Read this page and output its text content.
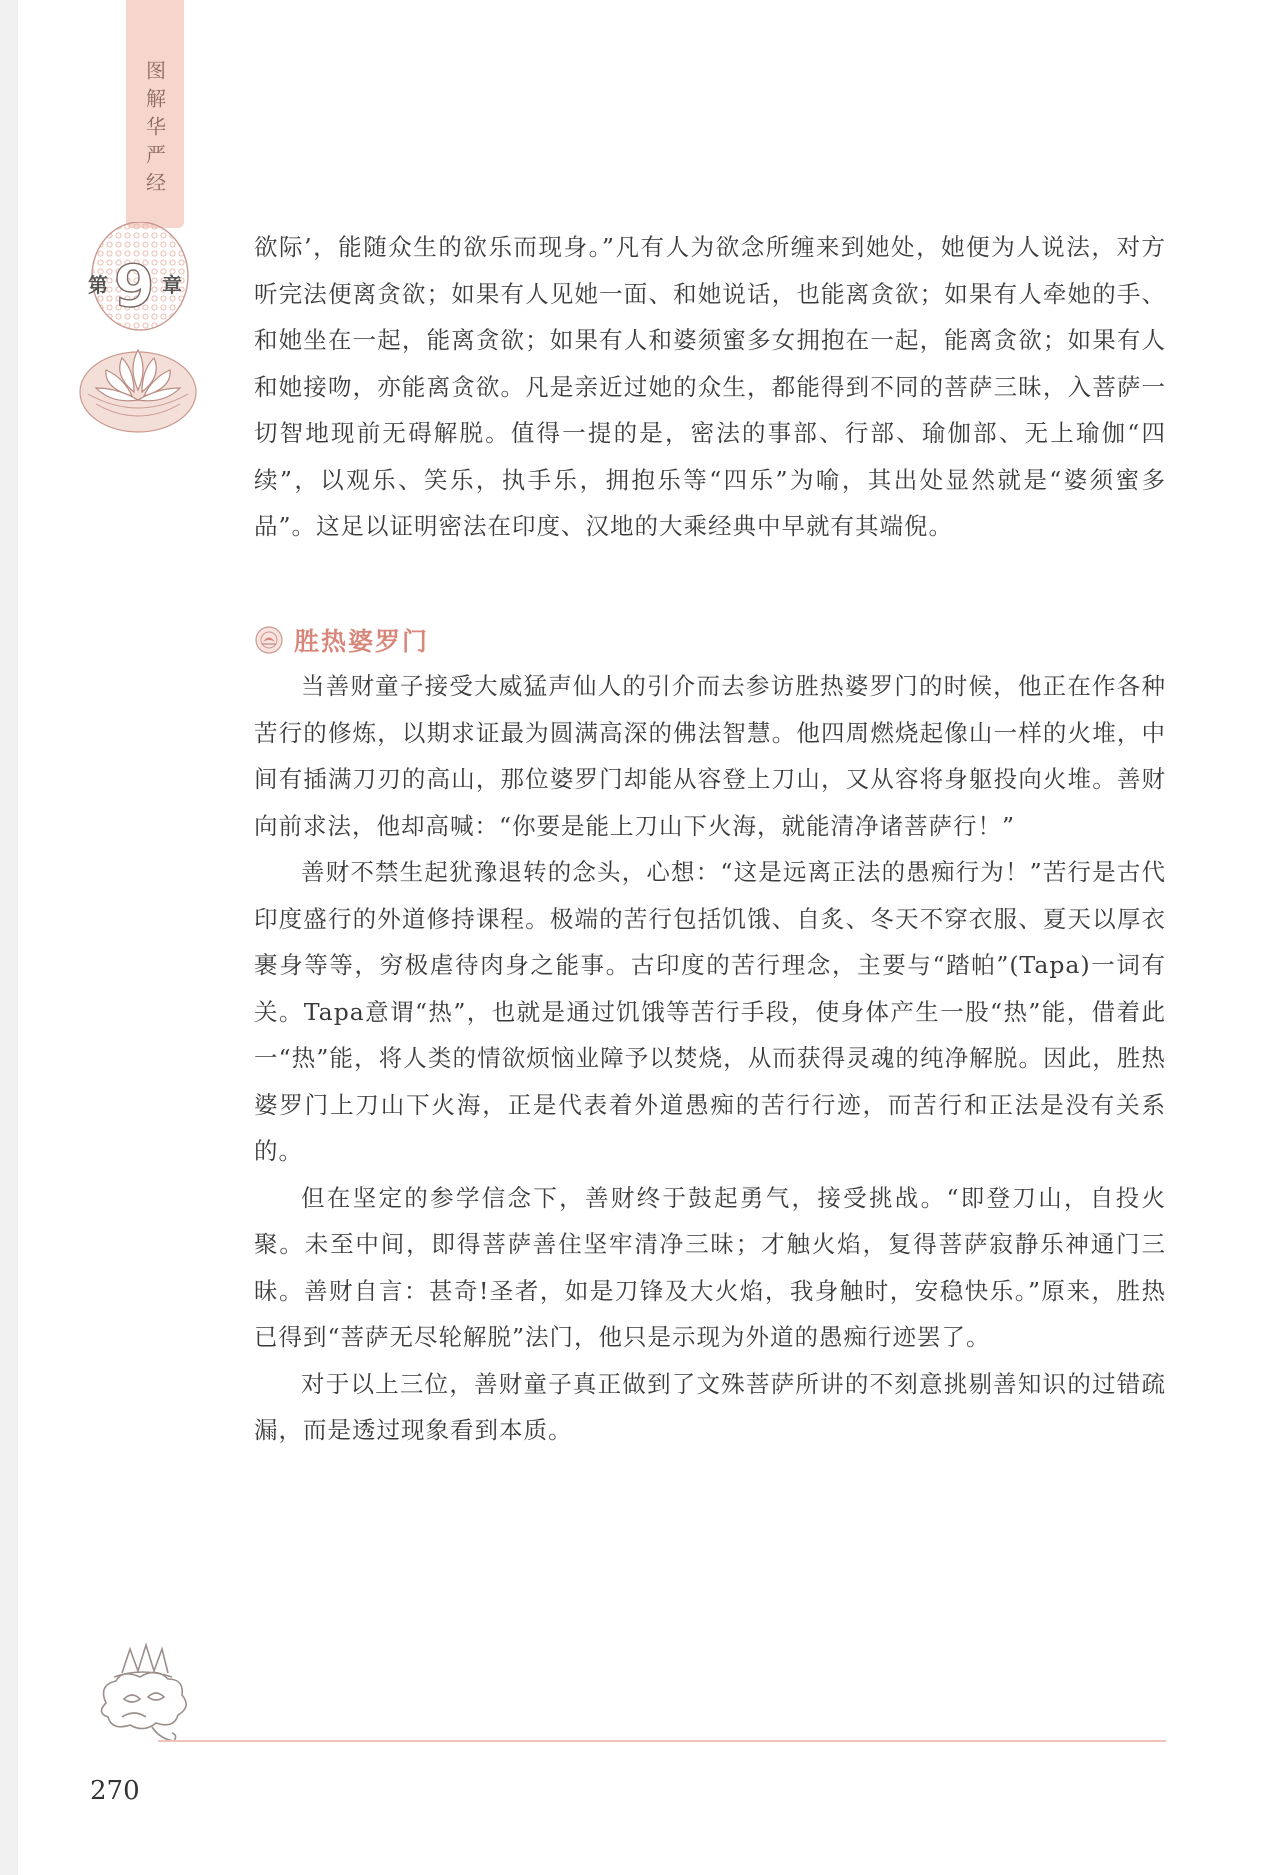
图解华严经
第 9 章

欲际’，能随众生的欲乐而现身。”凡有人为欲念所缠来到她处，她便为人说法，对方听完法便离贪欲；如果有人见她一面、和她说话，也能离贪欲；如果有人牵她的手、和她坐在一起，能离贪欲；如果有人和婆须蜜多女拥抱在一起，能离贪欲；如果有人和她接吻，亦能离贪欲。凡是亲近过她的众生，都能得到不同的菩萨三昧，入菩萨一切智地现前无碍解脱。值得一提的是，密法的事部、行部、瑜伽部、无上瑜伽“四续”，以观乐、笑乐，执手乐，拥抱乐等“四乐”为喻，其出处显然就是“婆须蜜多品”。这足以证明密法在印度、汉地的大乘经典中早就有其端倪。

胜热婆罗门

当善财童子接受大威猛声仙人的引介而去参访胜热婆罗门的时候，他正在作各种苦行的修炼，以期求证最为圆满高深的佛法智慧。他四周燃烧起像山一样的火堆，中间有插满刀刃的高山，那位婆罗门却能从容登上刀山，又从容将身躯投向火堆。善财向前求法，他却高喊：“你要是能上刀山下火海，就能清净诸菩萨行！”

善财不禁生起犹豫退转的念头，心想：“这是远离正法的愚痴行为！”苦行是古代印度盛行的外道修持课程。极端的苦行包括饥饿、自炙、冬天不穿衣服、夏天以厚衣裹身等等，穷极虐待肉身之能事。古印度的苦行理念，主要与“踏帕”(Tapa)一词有关。Tapa意谓“热”，也就是通过饥饿等苦行手段，使身体产生一股“热”能，借着此一“热”能，将人类的情欲烦恼业障予以焚烧，从而获得灵魂的纯净解脱。因此，胜热婆罗门上刀山下火海，正是代表着外道愚痴的苦行行迹，而苦行和正法是没有关系的。

但在坚定的参学信念下，善财终于鼓起勇气，接受挑战。“即登刀山，自投火聚。未至中间，即得菩萨善住坚牢清净三昧；才触火焰，复得菩萨寂静乐神通门三昧。善财自言：甚奇!圣者，如是刀锋及大火焰，我身触时，安稳快乐。”原来，胜热已得到“菩萨无尽轮解脱”法门，他只是示现为外道的愚痴行迹罢了。

对于以上三位，善财童子真正做到了文殊菩萨所讲的不刻意挑剔善知识的过错疏漏，而是透过现象看到本质。

270
